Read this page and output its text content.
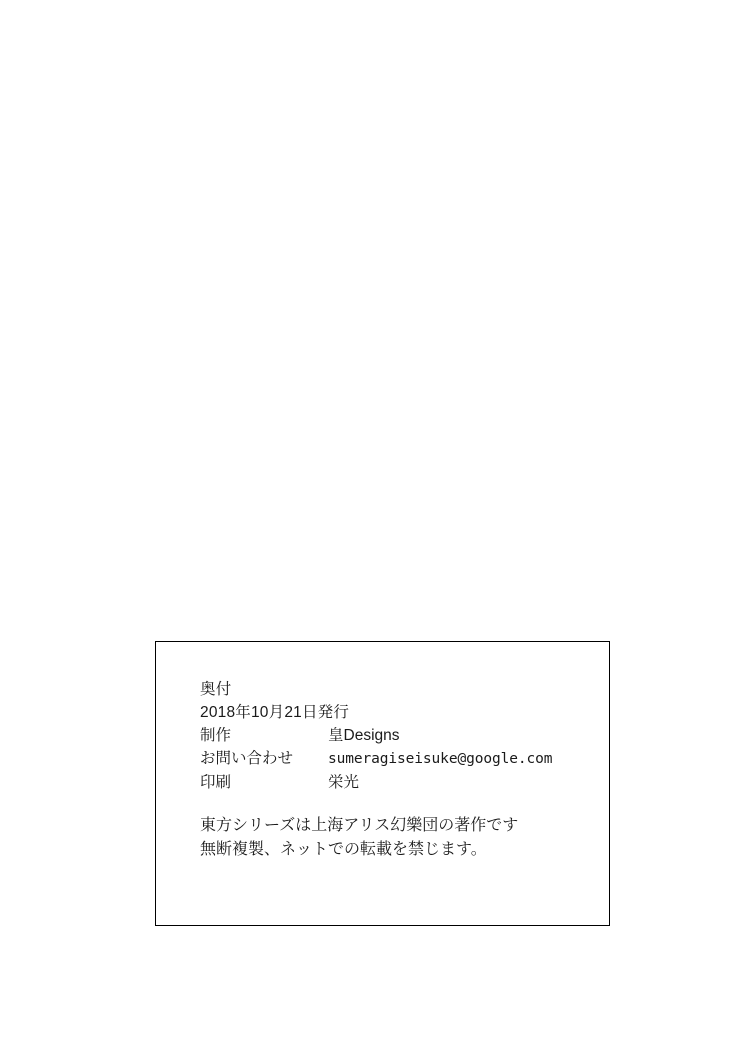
奥付
2018年10月21日発行
制作	皇Designs
お問い合わせ	sumeragiseisuke@google.com
印刷	栄光
東方シリーズは上海アリス幻樂団の著作です
無断複製、ネットでの転載を禁じます。
